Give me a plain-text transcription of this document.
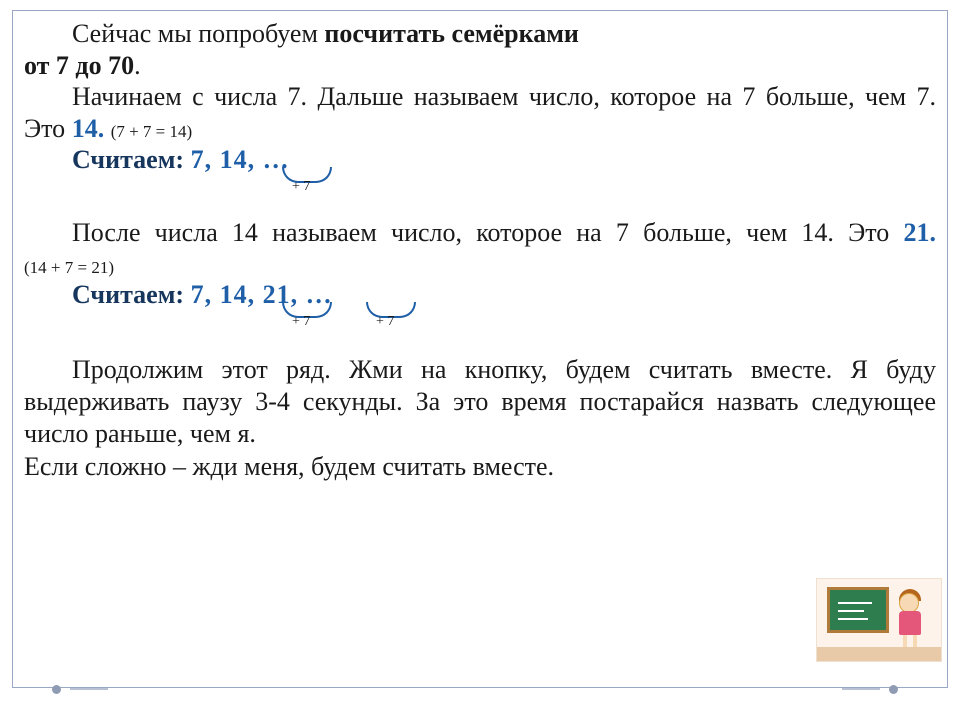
Сейчас мы попробуем посчитать семёрками
от 7 до 70.

Начинаем с числа 7. Дальше называем число, которое на 7 больше, чем 7. Это 14. (7 + 7 = 14)

Считаем: 7, 14, …
+ 7

После числа 14 называем число, которое на 7 больше, чем 14. Это 21. (14 + 7 = 21)

Считаем: 7, 14, 21, …
+ 7	+ 7

Продолжим этот ряд. Жми на кнопку, будем считать вместе. Я буду выдерживать паузу 3-4 секунды. За это время постарайся назвать следующее число раньше, чем я.

Если сложно – жди меня, будем считать вместе.
